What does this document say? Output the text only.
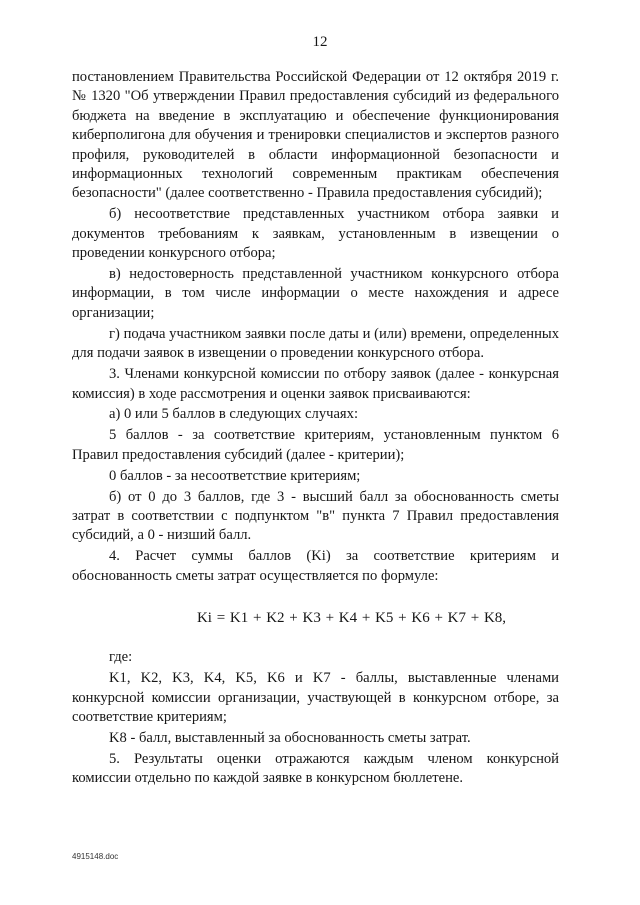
12

постановлением Правительства Российской Федерации от 12 октября 2019 г. № 1320 "Об утверждении Правил предоставления субсидий из федерального бюджета на введение в эксплуатацию и обеспечение функционирования киберполигона для обучения и тренировки специалистов и экспертов разного профиля, руководителей в области информационной безопасности и информационных технологий современным практикам обеспечения безопасности" (далее соответственно - Правила предоставления субсидий);

б) несоответствие представленных участником отбора заявки и документов требованиям к заявкам, установленным в извещении о проведении конкурсного отбора;

в) недостоверность представленной участником конкурсного отбора информации, в том числе информации о месте нахождения и адресе организации;

г) подача участником заявки после даты и (или) времени, определенных для подачи заявок в извещении о проведении конкурсного отбора.

3. Членами конкурсной комиссии по отбору заявок (далее - конкурсная комиссия) в ходе рассмотрения и оценки заявок присваиваются:

а) 0 или 5 баллов в следующих случаях:

5 баллов - за соответствие критериям, установленным пунктом 6 Правил предоставления субсидий (далее - критерии);

0 баллов - за несоответствие критериям;

б) от 0 до 3 баллов, где 3 - высший балл за обоснованность сметы затрат в соответствии с подпунктом "в" пункта 7 Правил предоставления субсидий, а 0 - низший балл.

4. Расчет суммы баллов (Ki) за соответствие критериям и обоснованность сметы затрат осуществляется по формуле:

Ki = K1 + K2 + K3 + K4 + K5 + K6 + K7 + K8,

где:

K1, K2, K3, K4, K5, K6 и K7 - баллы, выставленные членами конкурсной комиссии организации, участвующей в конкурсном отборе, за соответствие критериям;

K8 - балл, выставленный за обоснованность сметы затрат.

5. Результаты оценки отражаются каждым членом конкурсной комиссии отдельно по каждой заявке в конкурсном бюллетене.

4915148.doc
